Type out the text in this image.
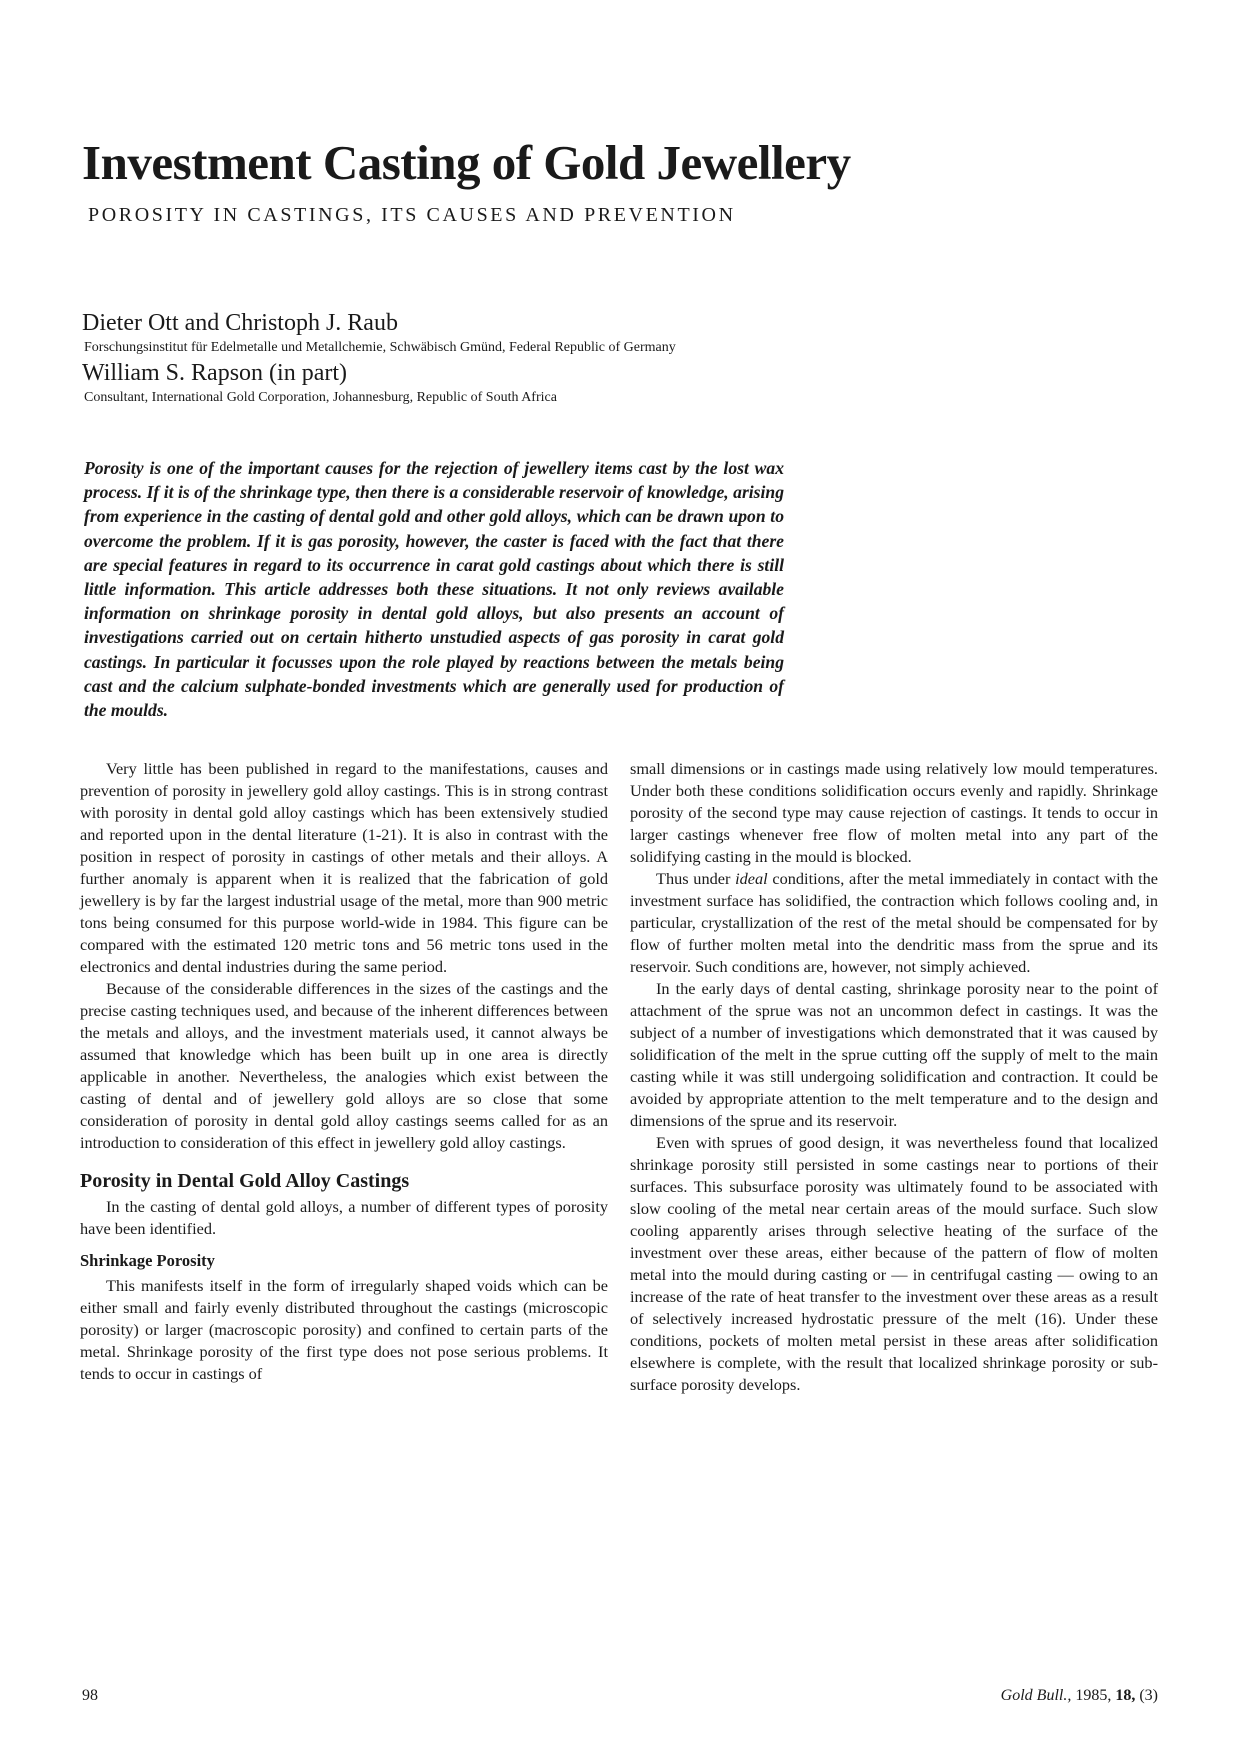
Investment Casting of Gold Jewellery

POROSITY IN CASTINGS, ITS CAUSES AND PREVENTION

Dieter Ott and Christoph J. Raub

Forschungsinstitut für Edelmetalle und Metallchemie, Schwäbisch Gmünd, Federal Republic of Germany

William S. Rapson (in part)

Consultant, International Gold Corporation, Johannesburg, Republic of South Africa

Porosity is one of the important causes for the rejection of jewellery items cast by the lost wax process. If it is of the shrinkage type, then there is a considerable reservoir of knowledge, arising from experience in the casting of dental gold and other gold alloys, which can be drawn upon to overcome the problem. If it is gas porosity, however, the caster is faced with the fact that there are special features in regard to its occurrence in carat gold castings about which there is still little information. This article addresses both these situations. It not only reviews available information on shrinkage porosity in dental gold alloys, but also presents an account of investigations carried out on certain hitherto unstudied aspects of gas porosity in carat gold castings. In particular it focusses upon the role played by reactions between the metals being cast and the calcium sulphate-bonded investments which are generally used for production of the moulds.

Very little has been published in regard to the manifestations, causes and prevention of porosity in jewellery gold alloy castings. This is in strong contrast with porosity in dental gold alloy castings which has been extensively studied and reported upon in the dental literature (1-21). It is also in contrast with the position in respect of porosity in castings of other metals and their alloys. A further anomaly is apparent when it is realized that the fabrication of gold jewellery is by far the largest industrial usage of the metal, more than 900 metric tons being consumed for this purpose world-wide in 1984. This figure can be compared with the estimated 120 metric tons and 56 metric tons used in the electronics and dental industries during the same period.

Because of the considerable differences in the sizes of the castings and the precise casting techniques used, and because of the inherent differences between the metals and alloys, and the investment materials used, it cannot always be assumed that knowledge which has been built up in one area is directly applicable in another. Nevertheless, the analogies which exist between the casting of dental and of jewellery gold alloys are so close that some consideration of porosity in dental gold alloy castings seems called for as an introduction to consideration of this effect in jewellery gold alloy castings.

Porosity in Dental Gold Alloy Castings

In the casting of dental gold alloys, a number of different types of porosity have been identified.

Shrinkage Porosity

This manifests itself in the form of irregularly shaped voids which can be either small and fairly evenly distributed throughout the castings (microscopic porosity) or larger (macroscopic porosity) and confined to certain parts of the metal. Shrinkage porosity of the first type does not pose serious problems. It tends to occur in castings of

small dimensions or in castings made using relatively low mould temperatures. Under both these conditions solidification occurs evenly and rapidly. Shrinkage porosity of the second type may cause rejection of castings. It tends to occur in larger castings whenever free flow of molten metal into any part of the solidifying casting in the mould is blocked.

Thus under ideal conditions, after the metal immediately in contact with the investment surface has solidified, the contraction which follows cooling and, in particular, crystallization of the rest of the metal should be compensated for by flow of further molten metal into the dendritic mass from the sprue and its reservoir. Such conditions are, however, not simply achieved.

In the early days of dental casting, shrinkage porosity near to the point of attachment of the sprue was not an uncommon defect in castings. It was the subject of a number of investigations which demonstrated that it was caused by solidification of the melt in the sprue cutting off the supply of melt to the main casting while it was still undergoing solidification and contraction. It could be avoided by appropriate attention to the melt temperature and to the design and dimensions of the sprue and its reservoir.

Even with sprues of good design, it was nevertheless found that localized shrinkage porosity still persisted in some castings near to portions of their surfaces. This subsurface porosity was ultimately found to be associated with slow cooling of the metal near certain areas of the mould surface. Such slow cooling apparently arises through selective heating of the surface of the investment over these areas, either because of the pattern of flow of molten metal into the mould during casting or — in centrifugal casting — owing to an increase of the rate of heat transfer to the investment over these areas as a result of selectively increased hydrostatic pressure of the melt (16). Under these conditions, pockets of molten metal persist in these areas after solidification elsewhere is complete, with the result that localized shrinkage porosity or sub-surface porosity develops.

98	Gold Bull., 1985, 18, (3)
